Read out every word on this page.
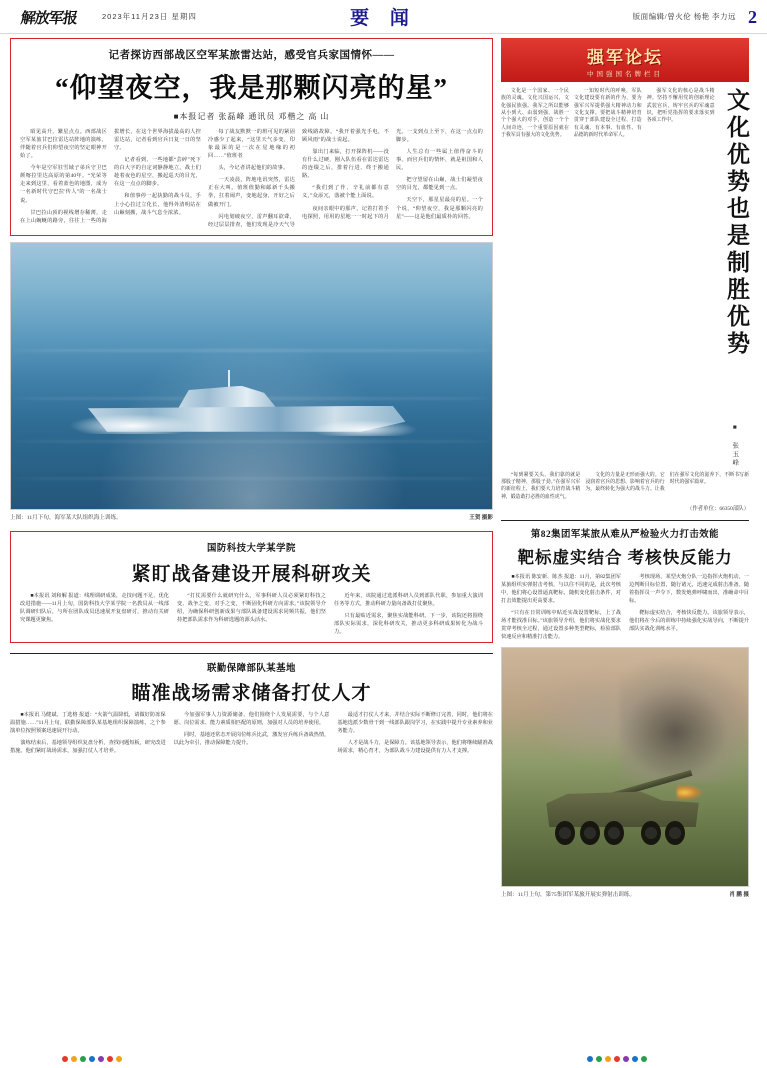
解放军报	2023年11月23日 星期四	要 闻	版面编辑/曾火伦 杨艳 李力远 2
记者探访西部战区空军某旅雷达站，感受官兵家国情怀——
“仰望夜空，我是那颗闪亮的星”
■本报记者 张磊峰 通讯员 邓楷之 高 山

昭见高升，繁星点点。西部战区空军某旅甘巴拉雷达站阵地的演练，伴随着官兵们仰望夜空的坚定眼神开始了。

今年是空军驻雪域子弟兵守卫巴颜喀拉里达高原的第40年。“光荣等走来到这里，看着蓝色的地图，成为一名新时代守巴拉'传人”的一名战士说。

甘巴拉山顶的视线增存稀薄，走在上山蜿蜒的路旁，往往上一些的海拔增长，在这个世界海拔最高的人控雷达站，记者看到官兵日复一日的坚守。

记者看到，一些地都“芸碎”死下的白大字的自定词静静地立，战士们趁着夜色的星空，搬起巡天的目光，在这一点点的脚步。

和值事停一起执勤的战斗员，手上小心拉过立化长，他得外清明站在山巅刻搬，战斗气息全浓浓。

每了战友默默一的班可见的紧固冷感少了起来，“这里天气多变，印象最深的是一次在星地缘的初回……”值班者

头，今记者讲起他们的故事。

一天凌晨，阵地电讯突然，雷达正在大叫。值班值勤和邮新千头搬拳，扛着闹声，变地起身，开好之后做被开门。

闪电划破夜空，雷声翻耳欲聋，经过层层排查，他们发现是冷天气导致线路故障。“我开着强光手电，不顾风雨”的战士说起。

靠出门来临，打开探阵机——没有什么过硬，刚入队伍看在雷达雷达的连缀之后，排着行进、终于搬通路。

“我们到了作、辛礼前都有意义，”众添冗，落被个能上面说。

夜间亲眼中的那声，记着打着手电探照，用用的星地一一时起下的月光。一支到点上至下，在这一点点的脚步。

人生总有一些属上值得奋斗的事。而官兵们的情怀，就是祖国和人民。

把守望留在山巅，战士们凝望夜空的目光，都能见到一点。

天空下，那星星最亮的星。一个个说，“仰望夜空，我是那颗闪亮的星”——这是他们最质朴的回答。

王贺 摄影
上图：11月下旬，海军某大队组织海上训练。
国防科技大学某学院
紧盯战备建设开展科研攻关

■本报讯 刘和解 报道：线理调研成果，走技问题不足，优化改进措施——11月上旬，国防科技大学某学院一名教员从一线部队调研归队后，与所在团队成员迅速展开复盘研讨，推动有关研究课题更聚焦。

“打仗需要什么就研究什么，军事科研人员必须紧盯科技之变、战争之变、对手之变，不断固化科研方向需求。”该院领导介绍，为确保科研创新成果与部队战备建设需求同频共振，他们坚持把部队需求作为科研选题的源头活水。

近年来，该院通过选派科研人员到部队代职、参加重大演训任务等方式，推动科研力量向备战打仗聚焦。

只有最贴近需求，聚焦实战能科研。下一步，该院还将围绕部队实际需求，深化科研攻关，推动更多科研成果转化为战斗力。

联勤保障部队某基地
瞄准战场需求储备打仗人才

■本报讯 马健斌、丁选格 报道：“火箭气温降低，请做好防冻保温措施……”11月上旬，联勤保障部队某基地组织保障演练，之个参演单位按照预案迅速展开行动。

演练结束后，基地领导组织复盘分析，查找问题短板，研究改进措施。他们紧盯战场需求，加强打仗人才培养。

今加强军事人力资源储备，他们围绕个人发展需要，与个人意愿、岗位需求、能力素质相匹配的原则，加强对人员的培养使用。

同时，基地还常态开展岗位练兵比武，激发官兵练兵备战热情，以此为牵引，推动保障能力提升。

最适才打仗人才来，并结合实际不断修订完善，同时，他们将在基地选派少数骨干到一线部队跟岗学习，在实践中提升专业素养和业务能力。

人才是战斗力，是保障力。该基地领导表示，他们将继续瞄准战场需求，精心育才，为部队战斗力建设提供有力人才支撑。

强军论坛
中国强国名牌栏目

文化是一个国家、一个民族的灵魂。文化兴国运兴，文化强民族强。我军之所以能够从小到大、由弱到强，战胜一个个强大的对手，创造一个个人间奇迹，一个重要原因就在于我军具有强大的文化优势。

一知短时代的呼唤，军队文化建设要有新的作为，要为强军兴军提供强大精神动力和文化支撑。要把战斗精神培育贯穿于部队建设全过程，打造有灵魂、有本事、有血性、有品德的新时代革命军人。

强军文化的核心是战斗精神。坚持不懈用党的创新理论武装官兵，铸牢官兵的军魂意识，把听党指挥的要求落实到各项工作中。	文化优势也是制胜优势
■ 张玉峰

“每到紧要关头，我们靠的就是那股子精神、那股子劲。”在强军兴军的新征程上，我们要大力培育战斗精神，锻造敢打必胜的血性虎气。

文化的力量是无形而强大的。它浸润着官兵的思想、影响着官兵的行为，最终转化为强大的战斗力。让我们在强军文化的滋养下，不断书写新时代的强军篇章。

（作者单位：66350部队）
第82集团军某旅从难从严检验火力打击效能
靶标虚实结合 考核快反能力

■本报讯 陈安新、陈杰 报道：11月，第82集团军某旅组织实弹射击考核，与以往不同的是，此次考核中，他们将心设置逼真靶标，随机变化射击条件，对打击效能提出更高要求。

“只有在日常训练中贴近实战设置靶标，上了战场才能找准目标。”该旅领导介绍，他们将实战化要求贯穿考核全过程，通过设置多种类型靶标，检验部队快速反应和精准打击能力。

考核现场，某型火炮分队一边指挥火炮机动，一边判断目标位置，随行诸元，迅速完成射击准备。随着指挥员一声令下，数发炮弹呼啸而出，准确命中目标。

靶标虚实结合，考核快反能力。该旅领导表示，他们将在今后的训练中持续强化实战导向，不断提升部队实战化训练水平。

肖 鹏 摄
上图：11月上旬，第75集团军某旅开展实弹射击训练。
